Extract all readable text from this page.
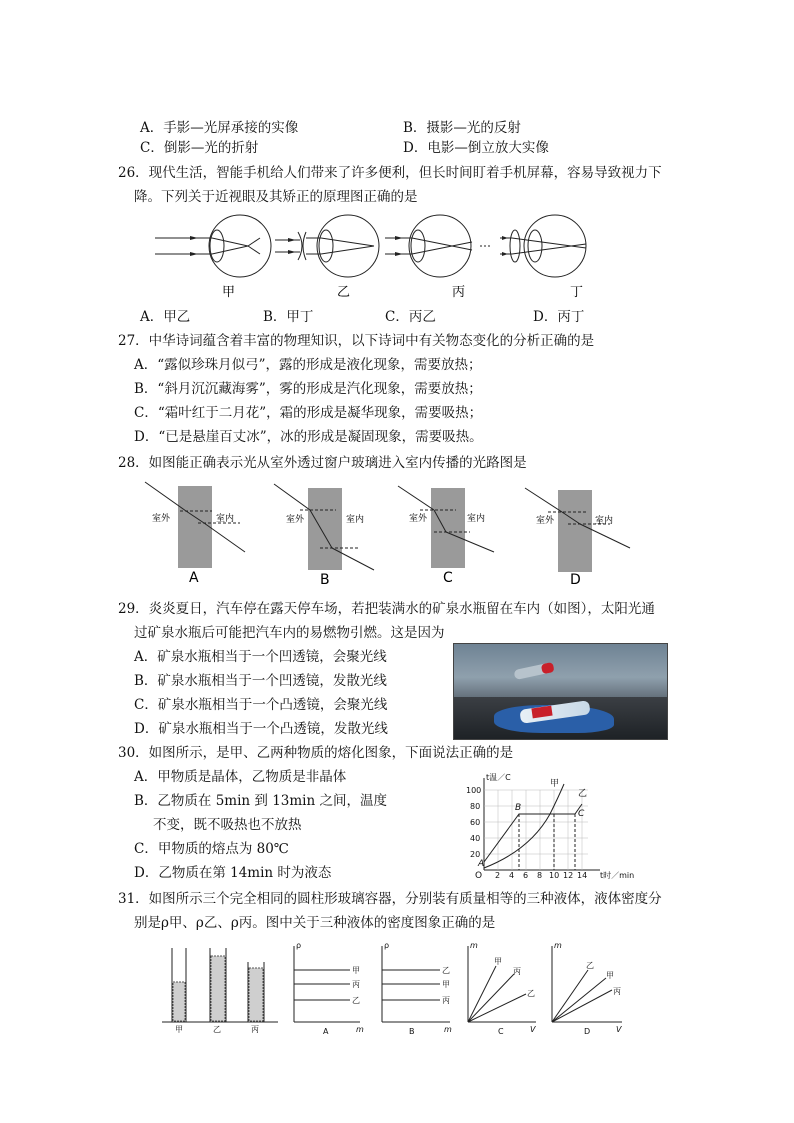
A．手影—光屏承接的实像	B．摄影—光的反射
C．倒影—光的折射	D．电影—倒立放大实像
26．现代生活，智能手机给人们带来了许多便利，但长时间盯着手机屏幕，容易导致视力下
降。下列关于近视眼及其矫正的原理图正确的是
甲	乙	丙	丁
A．甲乙	B．甲丁	C．丙乙	D．丙丁
27．中华诗词蕴含着丰富的物理知识，以下诗词中有关物态变化的分析正确的是
A．“露似珍珠月似弓”，露的形成是液化现象，需要放热；
B．“斜月沉沉藏海雾”，雾的形成是汽化现象，需要放热；
C．“霜叶红于二月花”，霜的形成是凝华现象，需要吸热；
D．“已是悬崖百丈冰”，冰的形成是凝固现象，需要吸热。
28．如图能正确表示光从室外透过窗户玻璃进入室内传播的光路图是
室外	室内
A
室外	室内
B
室外	室内
C
室外	室内
D
29．炎炎夏日，汽车停在露天停车场，若把装满水的矿泉水瓶留在车内（如图），太阳光通
过矿泉水瓶后可能把汽车内的易燃物引燃。这是因为
A．矿泉水瓶相当于一个凹透镜，会聚光线
B．矿泉水瓶相当于一个凹透镜，发散光线
C．矿泉水瓶相当于一个凸透镜，会聚光线
D．矿泉水瓶相当于一个凸透镜，发散光线
30．如图所示，是甲、乙两种物质的熔化图象，下面说法正确的是
A．甲物质是晶体，乙物质是非晶体
B．乙物质在 5min 到 13min 之间，温度
不变，既不吸热也不放热
C．甲物质的熔点为 80℃
D．乙物质在第 14min 时为液态
t温／C
t时／min
100
80
60
40
20
2 4 6 8 10 12 14
O
A
B
C
甲
乙
31．如图所示三个完全相同的圆柱形玻璃容器，分别装有质量相等的三种液体，液体密度分
别是ρ甲、ρ乙、ρ丙。图中关于三种液体的密度图象正确的是
甲	乙	丙
ρ
m
甲
丙
乙
A
ρ
m
乙
甲
丙
B
m
V
甲
丙
乙
C
m
V
乙
甲
丙
D
